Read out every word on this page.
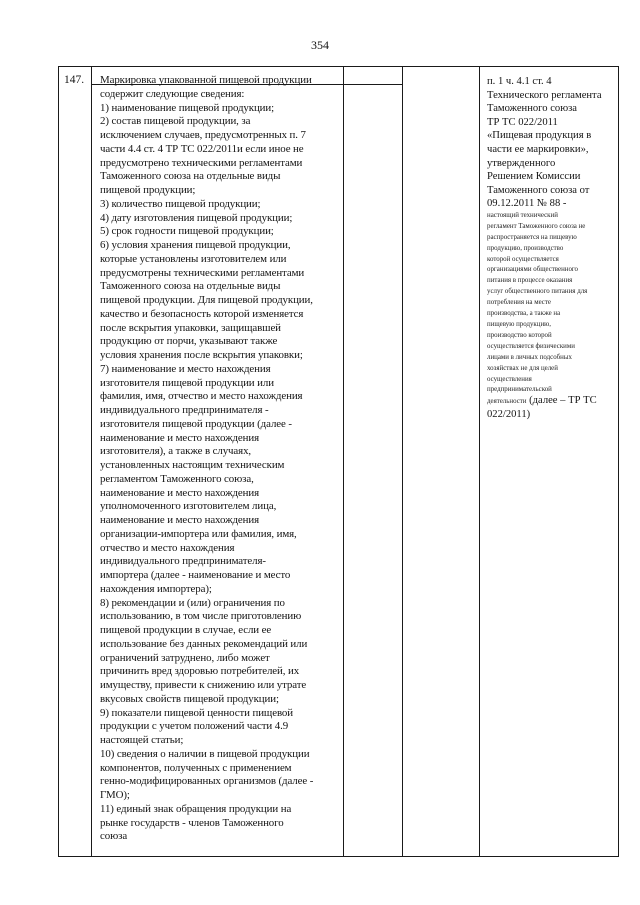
354
147. Маркировка упакованной пищевой продукции
содержит следующие сведения:
1) наименование пищевой продукции;
2) состав пищевой продукции, за
исключением случаев, предусмотренных п. 7
части 4.4 ст. 4 ТР ТС 022/2011и если иное не
предусмотрено техническими регламентами
Таможенного союза на отдельные виды
пищевой продукции;
3) количество пищевой продукции;
4) дату изготовления пищевой продукции;
5) срок годности пищевой продукции;
6) условия хранения пищевой продукции,
которые установлены изготовителем или
предусмотрены техническими регламентами
Таможенного союза на отдельные виды
пищевой продукции. Для пищевой продукции,
качество и безопасность которой изменяется
после вскрытия упаковки, защищавшей
продукцию от порчи, указывают также
условия хранения после вскрытия упаковки;
7) наименование и место нахождения
изготовителя пищевой продукции или
фамилия, имя, отчество и место нахождения
индивидуального предпринимателя -
изготовителя пищевой продукции (далее -
наименование и место нахождения
изготовителя), а также в случаях,
установленных настоящим техническим
регламентом Таможенного союза,
наименование и место нахождения
уполномоченного изготовителем лица,
наименование и место нахождения
организации-импортера или фамилия, имя,
отчество и место нахождения
индивидуального предпринимателя-
импортера (далее - наименование и место
нахождения импортера);
8) рекомендации и (или) ограничения по
использованию, в том числе приготовлению
пищевой продукции в случае, если ее
использование без данных рекомендаций или
ограничений затруднено, либо может
причинить вред здоровью потребителей, их
имуществу, привести к снижению или утрате
вкусовых свойств пищевой продукции;
9) показатели пищевой ценности пищевой
продукции с учетом положений части 4.9
настоящей статьи;
10) сведения о наличии в пищевой продукции
компонентов, полученных с применением
генно-модифицированных организмов (далее -
ГМО);
11) единый знак обращения продукции на
рынке государств - членов Таможенного
союза
п. 1 ч. 4.1 ст. 4
Технического регламента
Таможенного союза
ТР ТС 022/2011
«Пищевая продукция в
части ее маркировки»,
утвержденного
Решением Комиссии
Таможенного союза от
09.12.2011 № 88 -
настоящий технический
регламент Таможенного союза не
распространяется на пищевую
продукцию, производство
которой осуществляется
организациями общественного
питания в процессе оказания
услуг общественного питания для
потребления на месте
производства, а также на
пищевую продукцию,
производство которой
осуществляется физическими
лицами в личных подсобных
хозяйствах не для целей
осуществления
предпринимательской
деятельности (далее – ТР ТС
022/2011)
